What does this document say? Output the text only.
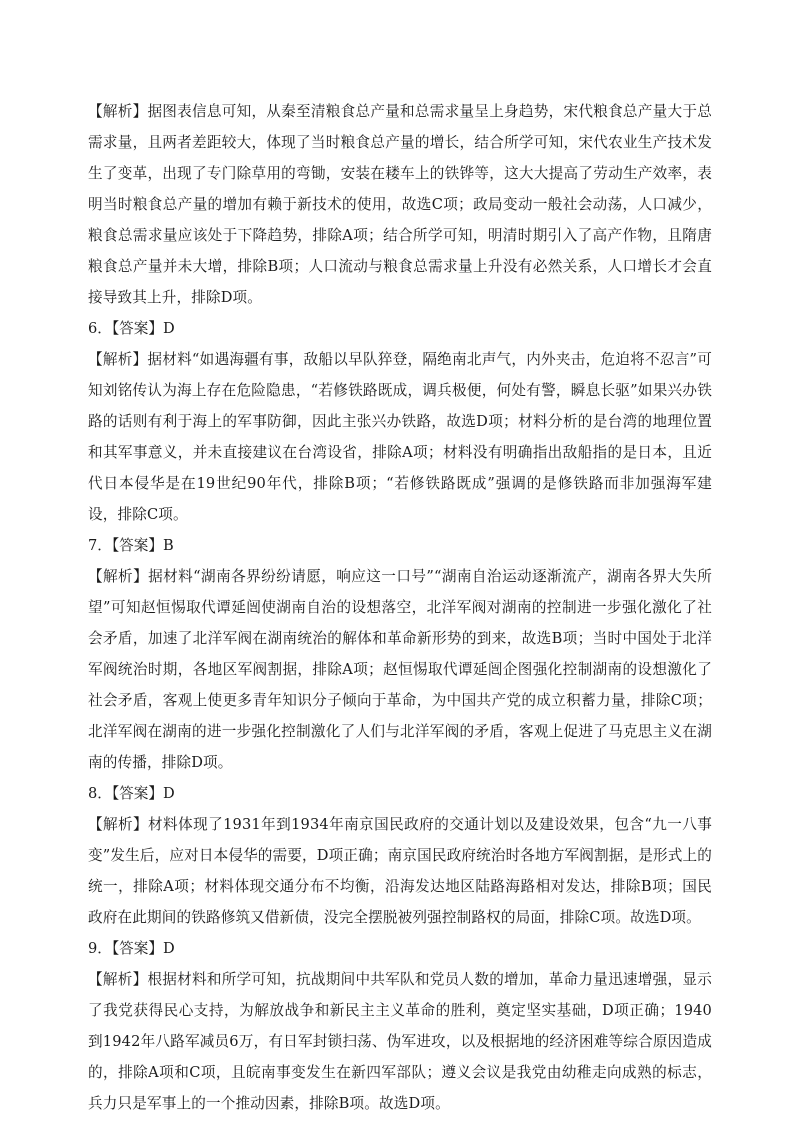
【解析】据图表信息可知，从秦至清粮食总产量和总需求量呈上身趋势，宋代粮食总产量大于总需求量，且两者差距较大，体现了当时粮食总产量的增长，结合所学可知，宋代农业生产技术发生了变革，出现了专门除草用的弯锄，安装在耧车上的铁铧等，这大大提高了劳动生产效率，表明当时粮食总产量的增加有赖于新技术的使用，故选C项；政局变动一般社会动荡，人口减少，粮食总需求量应该处于下降趋势，排除A项；结合所学可知，明清时期引入了高产作物，且隋唐粮食总产量并未大增，排除B项；人口流动与粮食总需求量上升没有必然关系，人口增长才会直接导致其上升，排除D项。

6．【答案】D

【解析】据材料“如遇海疆有事，敌船以早队猝登，隔绝南北声气，内外夹击，危迫将不忍言”可知刘铭传认为海上存在危险隐患，“若修铁路既成，调兵极便，何处有警，瞬息长驱”如果兴办铁路的话则有利于海上的军事防御，因此主张兴办铁路，故选D项；材料分析的是台湾的地理位置和其军事意义，并未直接建议在台湾设省，排除A项；材料没有明确指出敌船指的是日本，且近代日本侵华是在19世纪90年代，排除B项；“若修铁路既成”强调的是修铁路而非加强海军建设，排除C项。

7．【答案】B

【解析】据材料“湖南各界纷纷请愿，响应这一口号”“湖南自治运动逐渐流产，湖南各界大失所望”可知赵恒惕取代谭延闿使湖南自治的设想落空，北洋军阀对湖南的控制进一步强化激化了社会矛盾，加速了北洋军阀在湖南统治的解体和革命新形势的到来，故选B项；当时中国处于北洋军阀统治时期，各地区军阀割据，排除A项；赵恒惕取代谭延闿企图强化控制湖南的设想激化了社会矛盾，客观上使更多青年知识分子倾向于革命，为中国共产党的成立积蓄力量，排除C项；北洋军阀在湖南的进一步强化控制激化了人们与北洋军阀的矛盾，客观上促进了马克思主义在湖南的传播，排除D项。

8．【答案】D

【解析】材料体现了1931年到1934年南京国民政府的交通计划以及建设效果，包含“九一八事变”发生后，应对日本侵华的需要，D项正确；南京国民政府统治时各地方军阀割据，是形式上的统一，排除A项；材料体现交通分布不均衡，沿海发达地区陆路海路相对发达，排除B项；国民政府在此期间的铁路修筑又借新债，没完全摆脱被列强控制路权的局面，排除C项。故选D项。

9．【答案】D

【解析】根据材料和所学可知，抗战期间中共军队和党员人数的增加，革命力量迅速增强，显示了我党获得民心支持，为解放战争和新民主主义革命的胜利，奠定坚实基础，D项正确；1940到1942年八路军减员6万，有日军封锁扫荡、伪军进攻，以及根据地的经济困难等综合原因造成的，排除A项和C项，且皖南事变发生在新四军部队；遵义会议是我党由幼稚走向成熟的标志，兵力只是军事上的一个推动因素，排除B项。故选D项。
